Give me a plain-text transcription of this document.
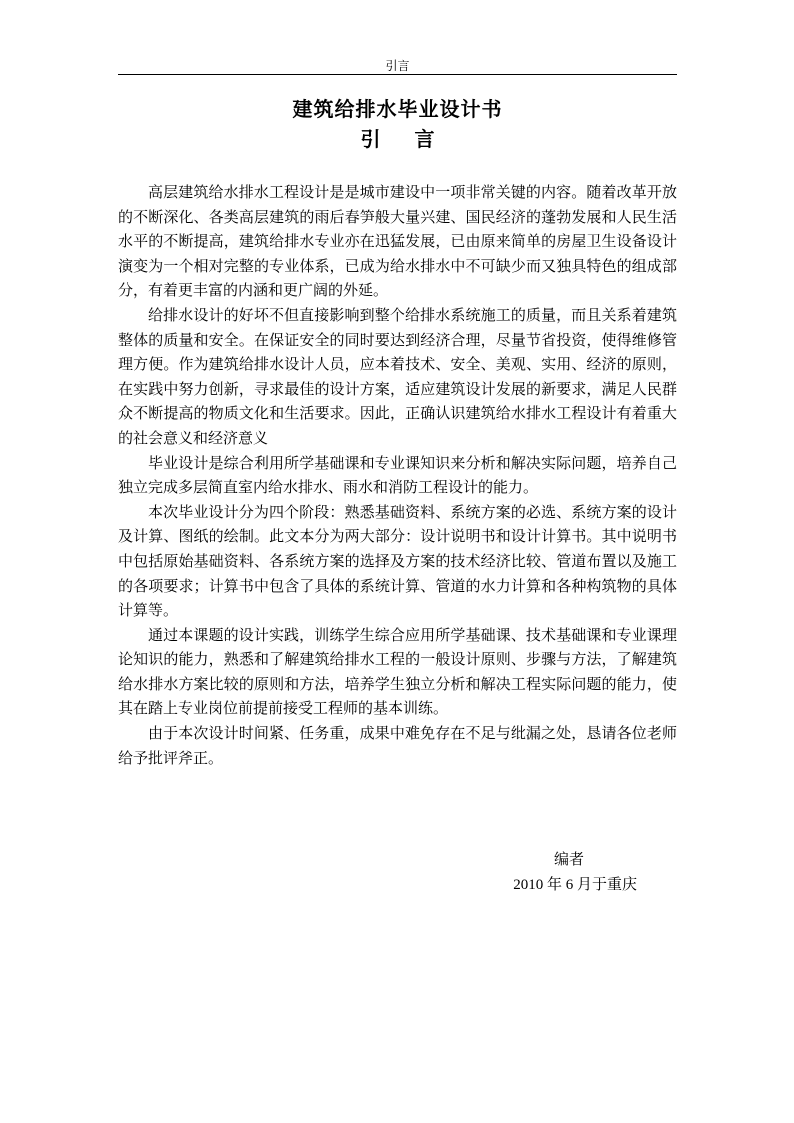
引言
建筑给排水毕业设计书
引言

高层建筑给水排水工程设计是是城市建设中一项非常关键的内容。随着改革开放的不断深化、各类高层建筑的雨后春笋般大量兴建、国民经济的蓬勃发展和人民生活水平的不断提高，建筑给排水专业亦在迅猛发展，已由原来简单的房屋卫生设备设计演变为一个相对完整的专业体系，已成为给水排水中不可缺少而又独具特色的组成部分，有着更丰富的内涵和更广阔的外延。

给排水设计的好坏不但直接影响到整个给排水系统施工的质量，而且关系着建筑整体的质量和安全。在保证安全的同时要达到经济合理，尽量节省投资，使得维修管理方便。作为建筑给排水设计人员，应本着技术、安全、美观、实用、经济的原则，在实践中努力创新，寻求最佳的设计方案，适应建筑设计发展的新要求，满足人民群众不断提高的物质文化和生活要求。因此，正确认识建筑给水排水工程设计有着重大的社会意义和经济意义

毕业设计是综合利用所学基础课和专业课知识来分析和解决实际问题，培养自己独立完成多层简直室内给水排水、雨水和消防工程设计的能力。

本次毕业设计分为四个阶段：熟悉基础资料、系统方案的必选、系统方案的设计及计算、图纸的绘制。此文本分为两大部分：设计说明书和设计计算书。其中说明书中包括原始基础资料、各系统方案的选择及方案的技术经济比较、管道布置以及施工的各项要求；计算书中包含了具体的系统计算、管道的水力计算和各种构筑物的具体计算等。

通过本课题的设计实践，训练学生综合应用所学基础课、技术基础课和专业课理论知识的能力，熟悉和了解建筑给排水工程的一般设计原则、步骤与方法，了解建筑给水排水方案比较的原则和方法，培养学生独立分析和解决工程实际问题的能力，使其在踏上专业岗位前提前接受工程师的基本训练。

由于本次设计时间紧、任务重，成果中难免存在不足与纰漏之处，恳请各位老师给予批评斧正。

编者
2010 年 6 月于重庆
